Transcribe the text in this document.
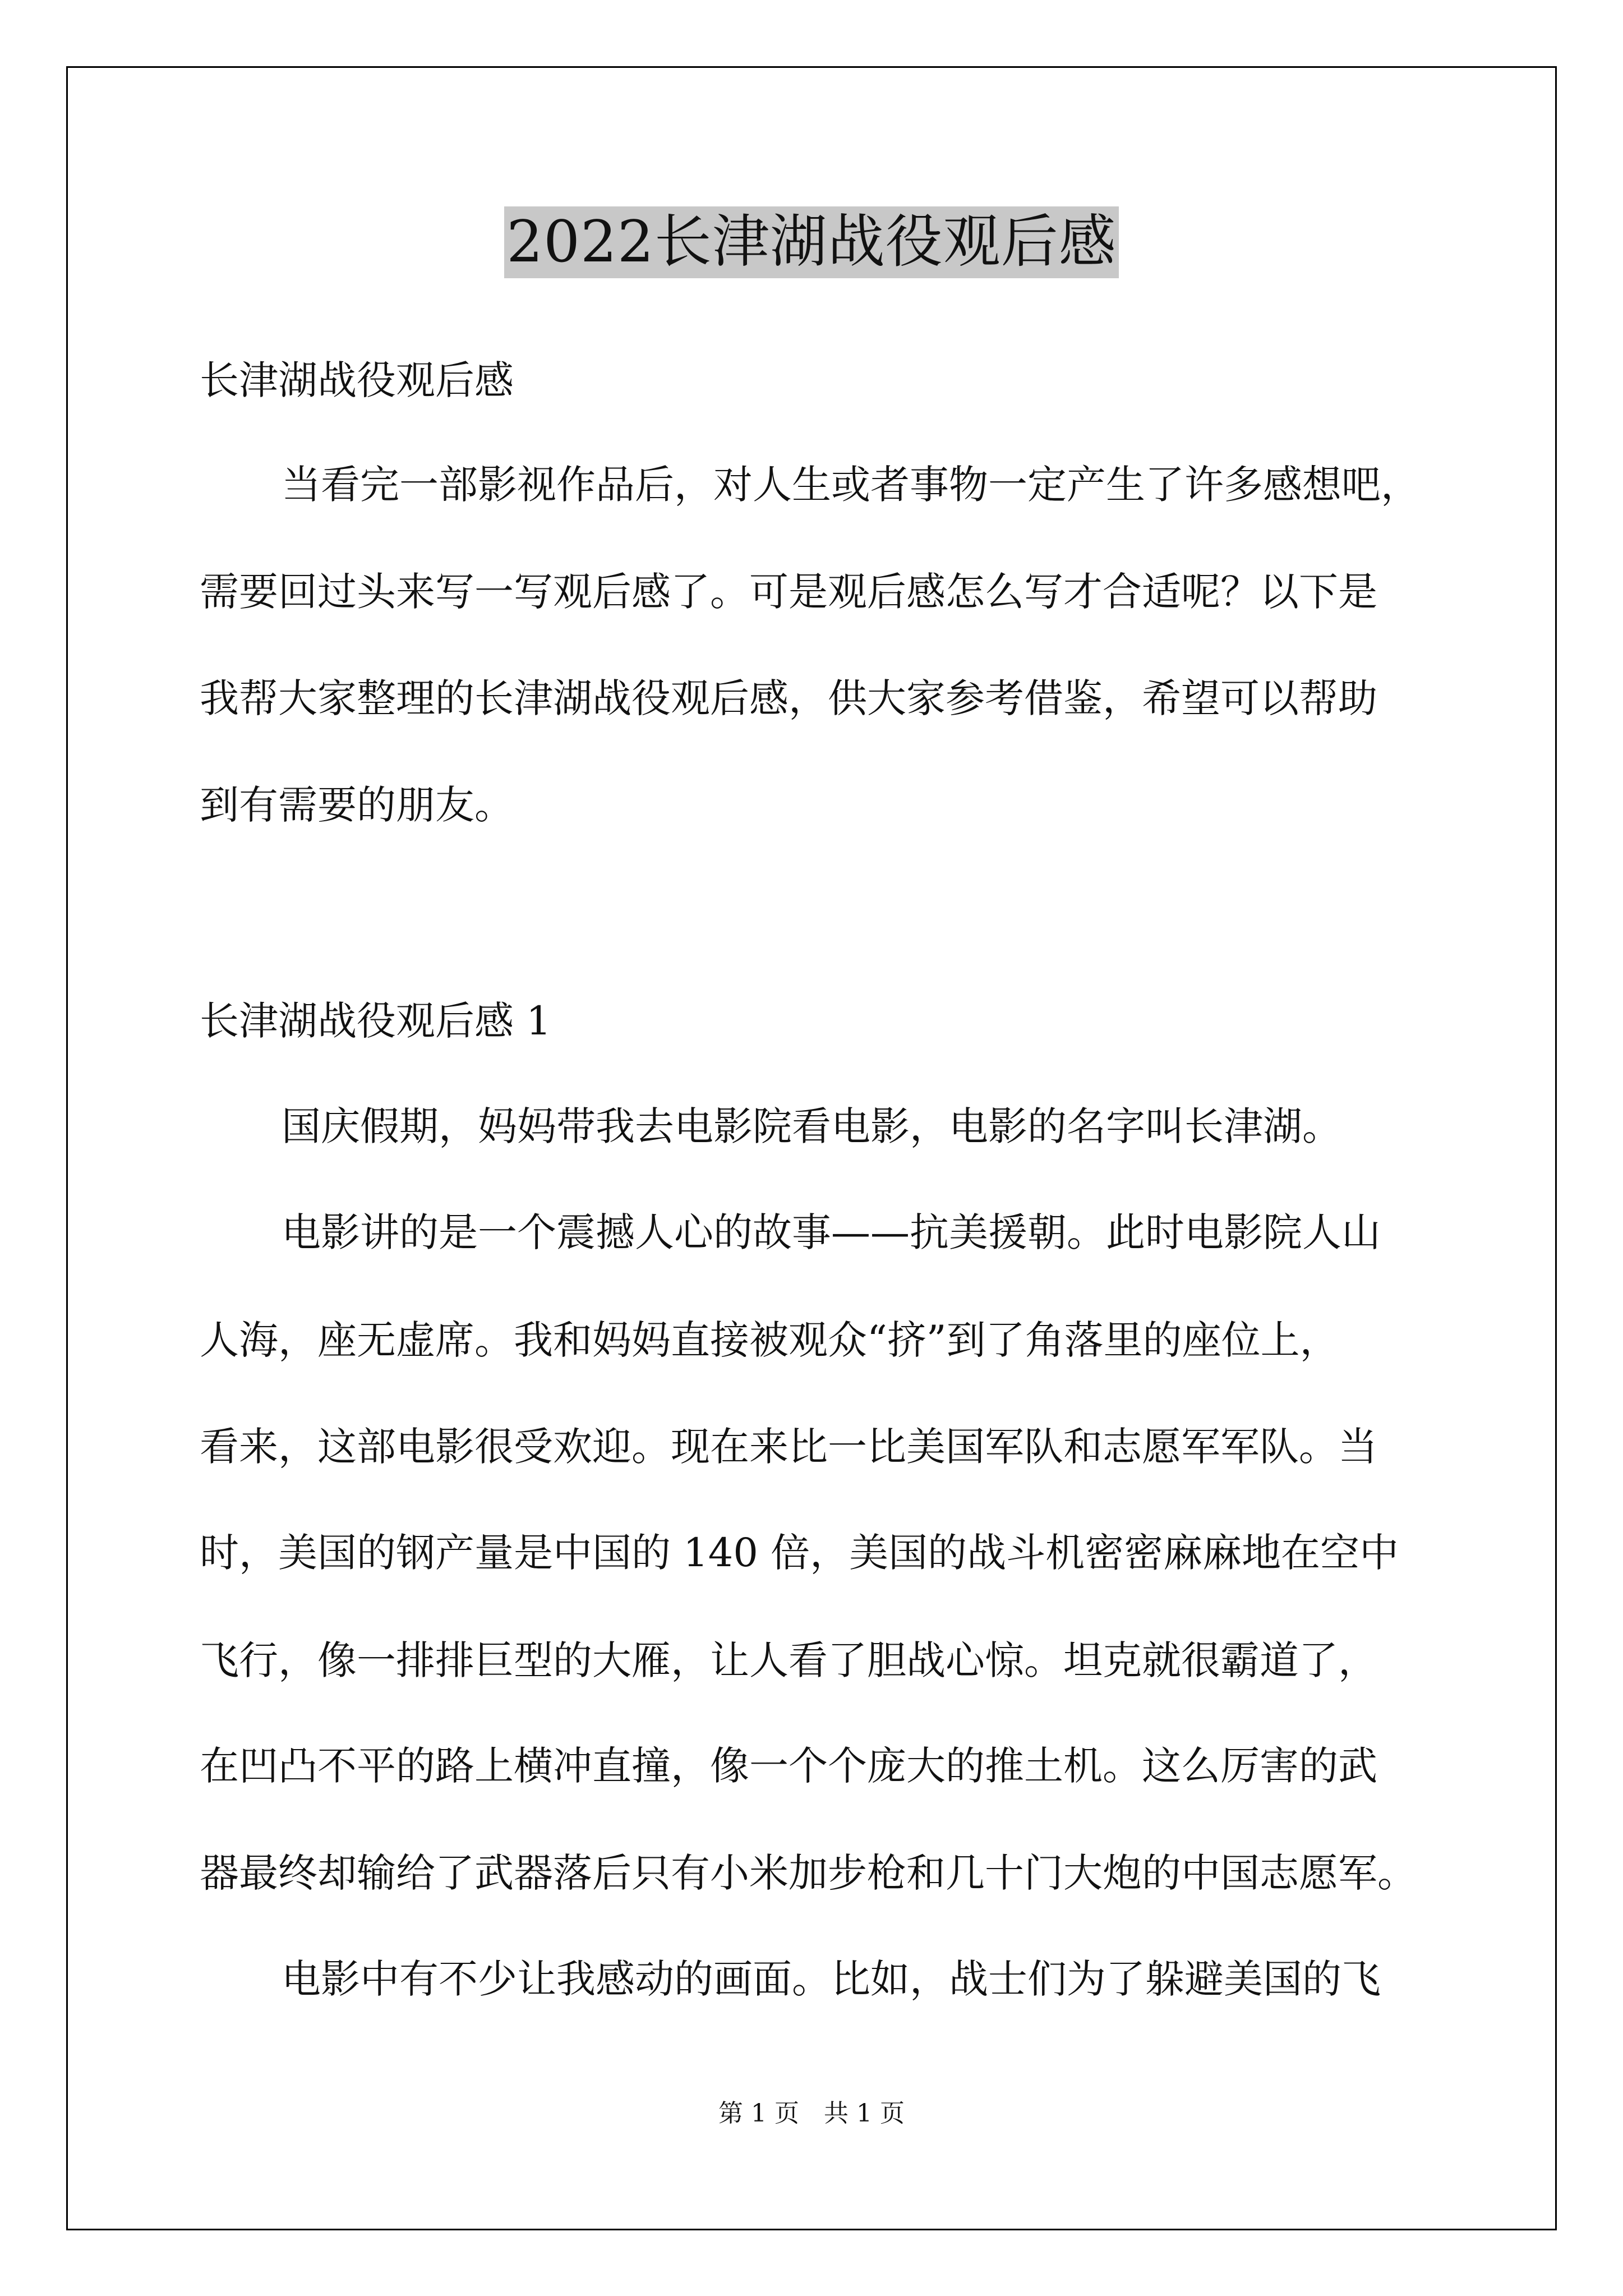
2022长津湖战役观后感
长津湖战役观后感
当看完一部影视作品后，对人生或者事物一定产生了许多感想吧，
需要回过头来写一写观后感了。可是观后感怎么写才合适呢？以下是
我帮大家整理的长津湖战役观后感，供大家参考借鉴，希望可以帮助
到有需要的朋友。
长津湖战役观后感 1
国庆假期，妈妈带我去电影院看电影，电影的名字叫长津湖。
电影讲的是一个震撼人心的故事——抗美援朝。此时电影院人山
人海，座无虚席。我和妈妈直接被观众“挤”到了角落里的座位上，
看来，这部电影很受欢迎。现在来比一比美国军队和志愿军军队。当
时，美国的钢产量是中国的 140 倍，美国的战斗机密密麻麻地在空中
飞行，像一排排巨型的大雁，让人看了胆战心惊。坦克就很霸道了，
在凹凸不平的路上横冲直撞，像一个个庞大的推土机。这么厉害的武
器最终却输给了武器落后只有小米加步枪和几十门大炮的中国志愿军。
电影中有不少让我感动的画面。比如，战士们为了躲避美国的飞
第 1 页　共 1 页
